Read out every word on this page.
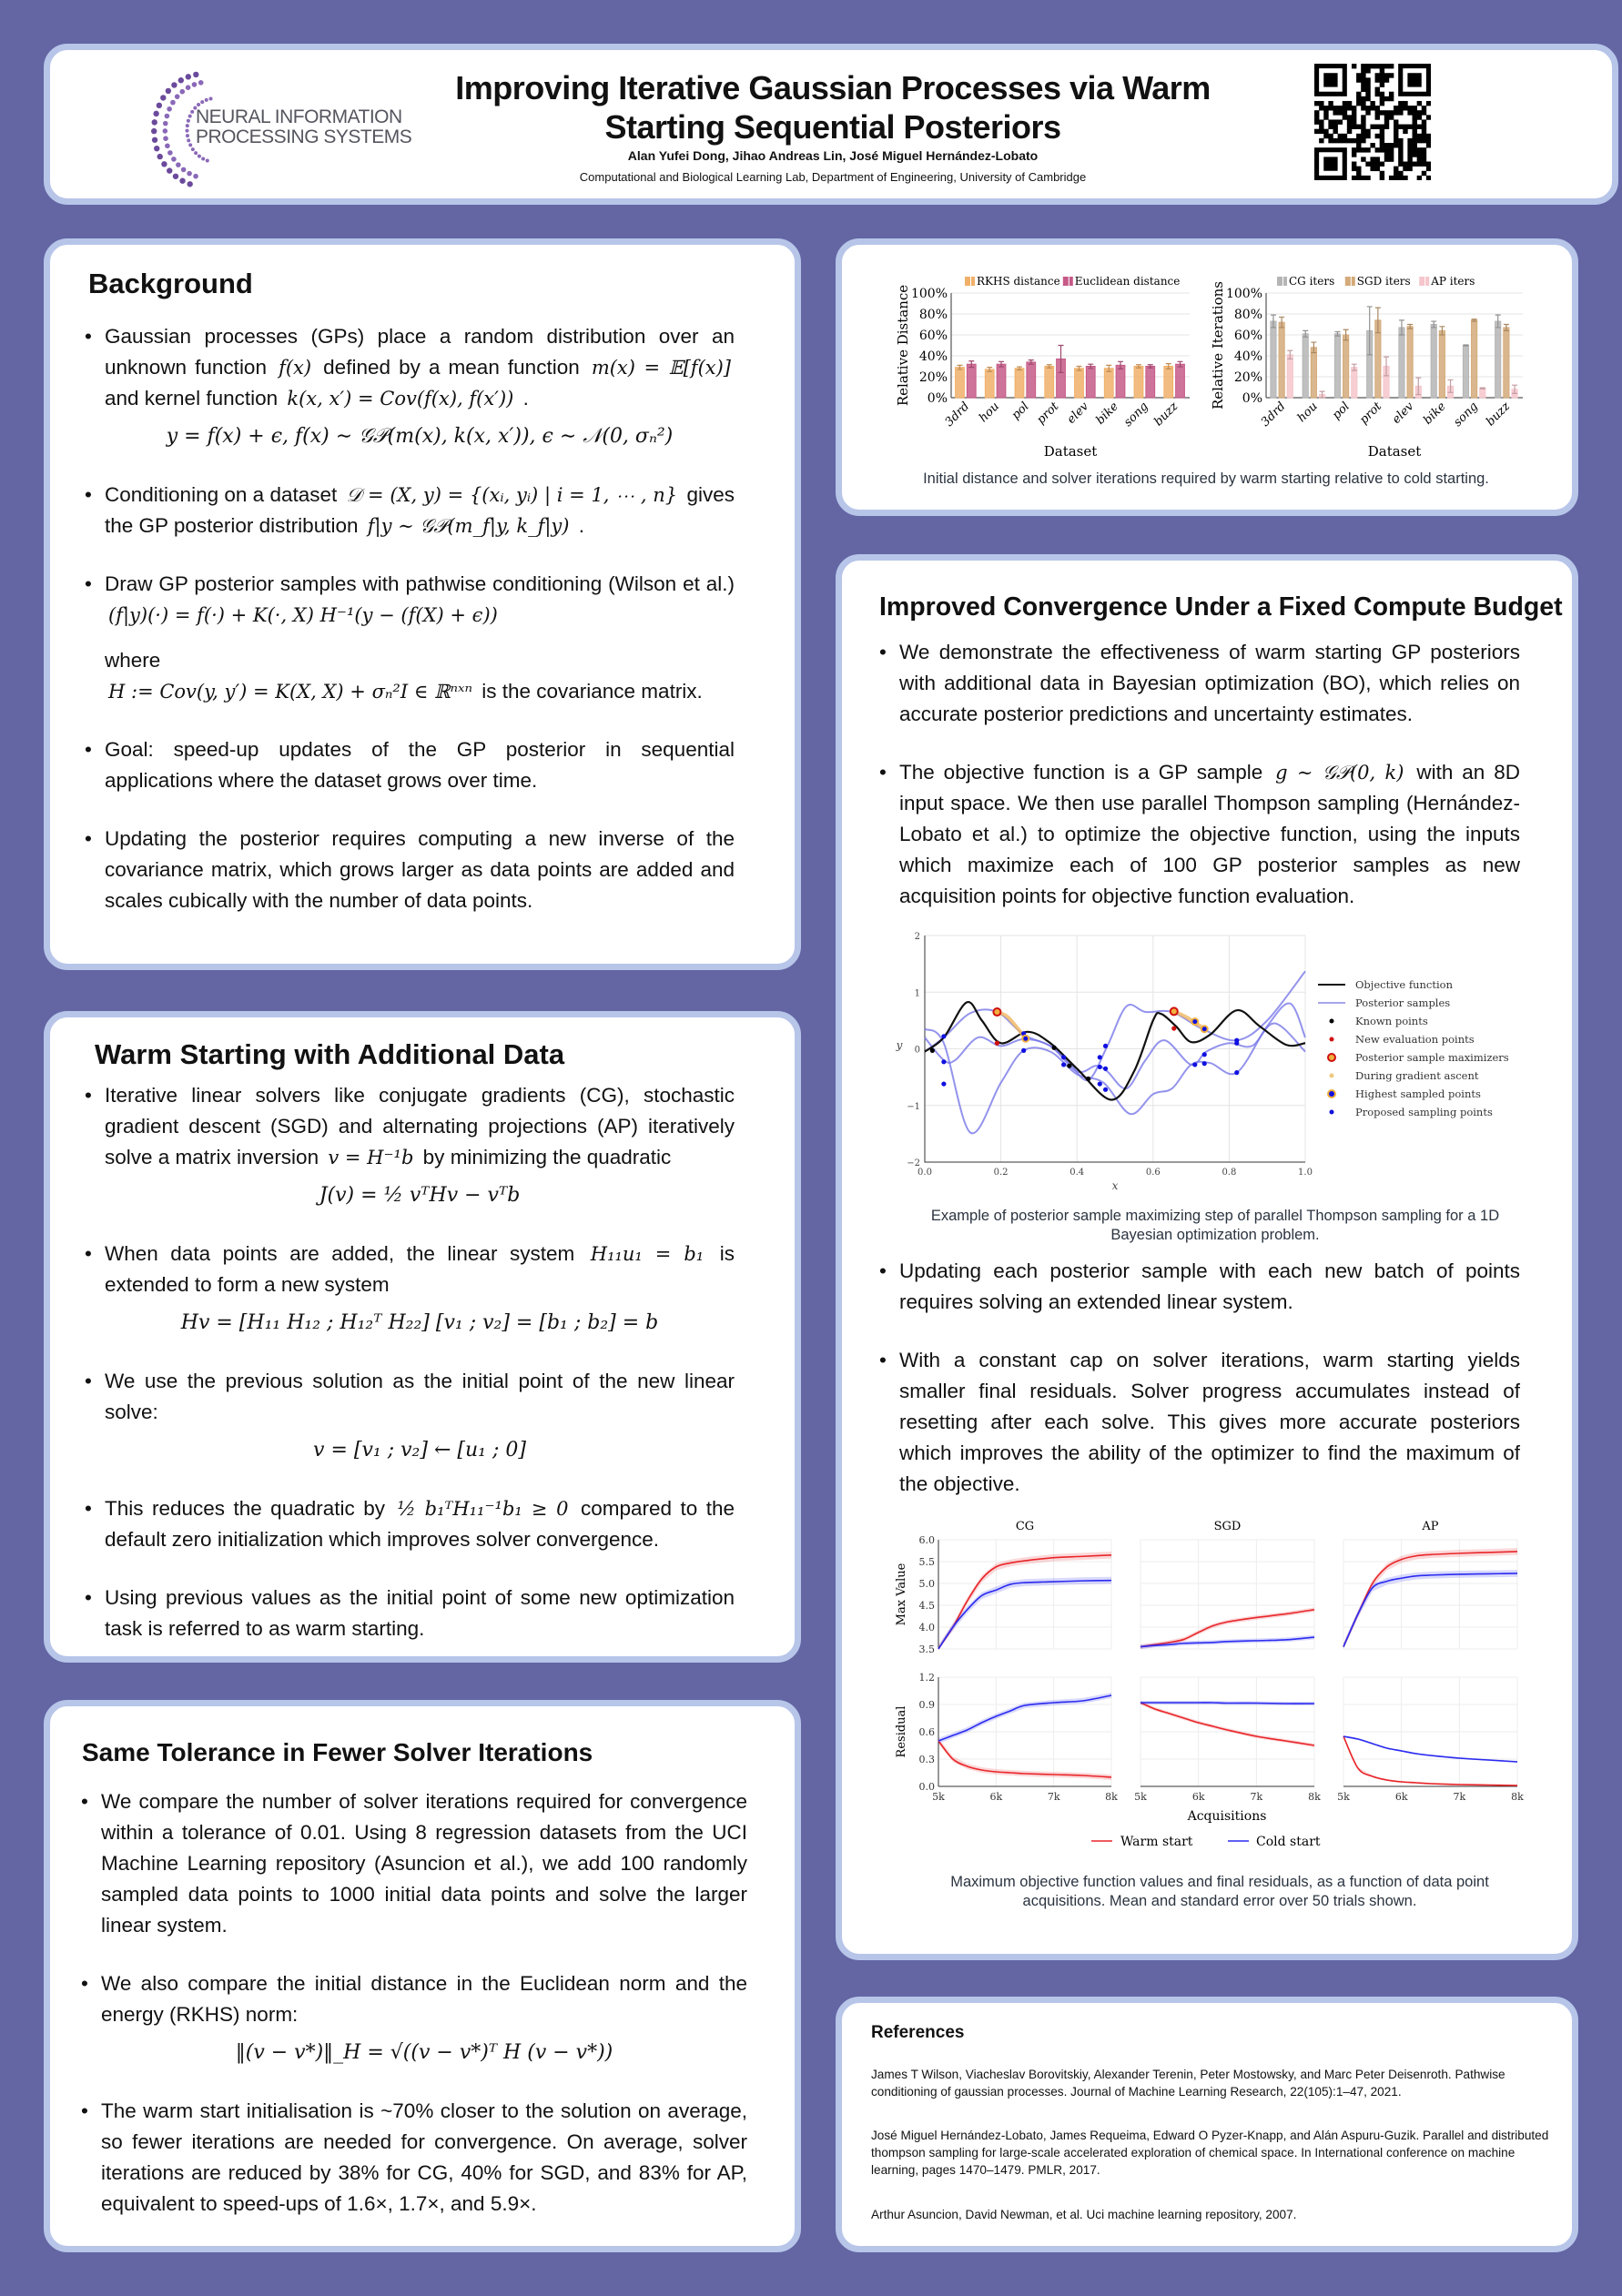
NEURAL INFORMATION
PROCESSING SYSTEMS
Improving Iterative Gaussian Processes via Warm
Starting Sequential Posteriors
Alan Yufei Dong, Jihao Andreas Lin, José Miguel Hernández-Lobato
Computational and Biological Learning Lab, Department of Engineering, University of Cambridge
Background
• Gaussian processes (GPs) place a random distribution over an unknown function f(x) defined by a mean function m(x) = 𝔼[f(x)] and kernel function k(x, x′) = Cov(f(x), f(x′)) .
y = f(x) + ϵ, f(x) ∼ 𝒢𝒫(m(x), k(x, x′)), ϵ ∼ 𝒩(0, σₙ²)
• Conditioning on a dataset 𝒟 = (X, y) = {(xᵢ, yᵢ) | i = 1, ⋯ , n} gives the GP posterior distribution f|y ∼ 𝒢𝒫(m_f|y, k_f|y) .
• Draw GP posterior samples with pathwise conditioning (Wilson et al.) (f|y)(·) = f(·) + K(·, X) H⁻¹(y − (f(X) + ϵ))
where
H := Cov(y, y′) = K(X, X) + σₙ²I ∈ ℝⁿˣⁿ is the covariance matrix.
• Goal: speed-up updates of the GP posterior in sequential applications where the dataset grows over time.
• Updating the posterior requires computing a new inverse of the covariance matrix, which grows larger as data points are added and scales cubically with the number of data points.
Warm Starting with Additional Data
• Iterative linear solvers like conjugate gradients (CG), stochastic gradient descent (SGD) and alternating projections (AP) iteratively solve a matrix inversion v = H⁻¹b by minimizing the quadratic
J(v) = ½ vᵀHv − vᵀb
• When data points are added, the linear system H₁₁u₁ = b₁ is extended to form a new system
Hv = [H₁₁ H₁₂ ; H₁₂ᵀ H₂₂] [v₁ ; v₂] = [b₁ ; b₂] = b
• We use the previous solution as the initial point of the new linear solve:
v = [v₁ ; v₂] ← [u₁ ; 0]
• This reduces the quadratic by ½ b₁ᵀH₁₁⁻¹b₁ ≥ 0 compared to the default zero initialization which improves solver convergence.
• Using previous values as the initial point of some new optimization task is referred to as warm starting.
Same Tolerance in Fewer Solver Iterations
• We compare the number of solver iterations required for convergence within a tolerance of 0.01. Using 8 regression datasets from the UCI Machine Learning repository (Asuncion et al.), we add 100 randomly sampled data points to 1000 initial data points and solve the larger linear system.
• We also compare the initial distance in the Euclidean norm and the energy (RKHS) norm:
‖(v − v*)‖_H = √((v − v*)ᵀ H (v − v*))
• The warm start initialisation is ~70% closer to the solution on average, so fewer iterations are needed for convergence. On average, solver iterations are reduced by 38% for CG, 40% for SGD, and 83% for AP, equivalent to speed-ups of 1.6×, 1.7×, and 5.9×.
0%
20%
40%
60%
80%
100%
3drd hou pol prot elev bike song buzz
Dataset
Relative Distance
RKHS distance Euclidean distance
0%
20%
40%
60%
80%
100%
3drd hou pol prot elev bike song buzz
Dataset
Relative Iterations	CG iters SGD iters AP iters
Initial distance and solver iterations required by warm starting relative to cold starting.
Improved Convergence Under a Fixed Compute Budget
• We demonstrate the effectiveness of warm starting GP posteriors with additional data in Bayesian optimization (BO), which relies on accurate posterior predictions and uncertainty estimates.
• The objective function is a GP sample g ∼ 𝒢𝒫(0, k) with an 8D input space. We then use parallel Thompson sampling (Hernández-Lobato et al.) to optimize the objective function, using the inputs which maximize each of 100 GP posterior samples as new acquisition points for objective function evaluation.
0.0	0.2	0.4	0.6	0.8	1.0
−2
−1
0
1
2
x
y
Objective function
Posterior samples
Known points
New evaluation points
Posterior sample maximizers
During gradient ascent
Highest sampled points
Proposed sampling points
Example of posterior sample maximizing step of parallel Thompson sampling for a 1D Bayesian optimization problem.
• Updating each posterior sample with each new batch of points requires solving an extended linear system.
• With a constant cap on solver iterations, warm starting yields smaller final residuals. Solver progress accumulates instead of resetting after each solve. This gives more accurate posteriors which improves the ability of the optimizer to find the maximum of the objective.
3.5
4.0
4.5
5.0
5.5
6.0
Max Value
CG	SGD	AP
0.0
0.3
0.6
0.9
1.2
Residual
5k	6k	7k	8k 5k	6k	7k	8k 5k	6k	7k	8k
Acquisitions
Warm start	Cold start
Maximum objective function values and final residuals, as a function of data point acquisitions. Mean and standard error over 50 trials shown.
References
James T Wilson, Viacheslav Borovitskiy, Alexander Terenin, Peter Mostowsky, and Marc Peter Deisenroth. Pathwise conditioning of gaussian processes. Journal of Machine Learning Research, 22(105):1–47, 2021.
José Miguel Hernández-Lobato, James Requeima, Edward O Pyzer-Knapp, and Alán Aspuru-Guzik. Parallel and distributed thompson sampling for large-scale accelerated exploration of chemical space. In International conference on machine learning, pages 1470–1479. PMLR, 2017.
Arthur Asuncion, David Newman, et al. Uci machine learning repository, 2007.
